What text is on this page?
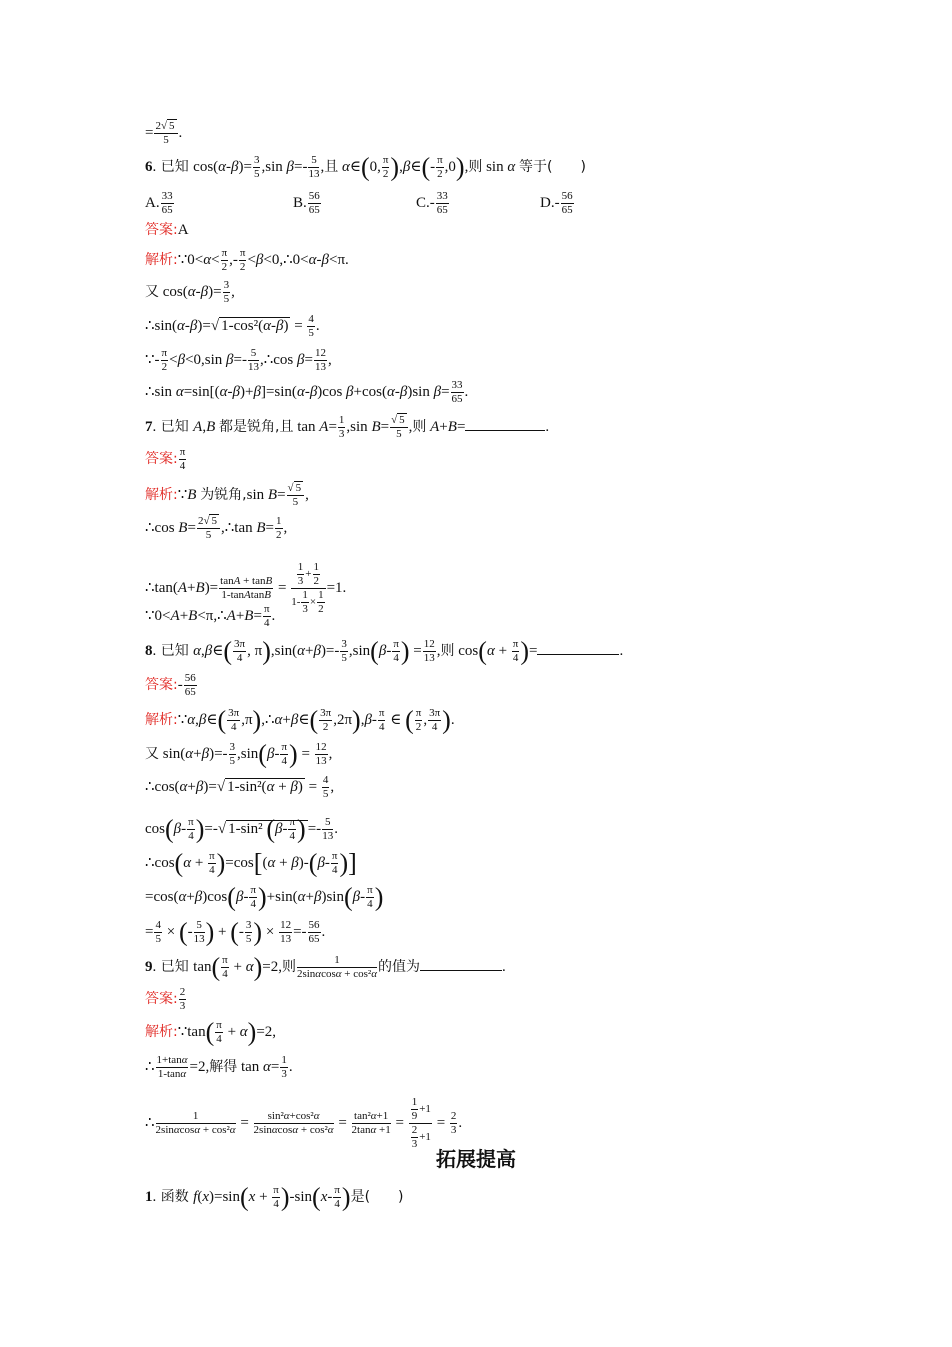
= $\frac{2√ 5}{5}$ .
6. 已知 $\cos(\alpha-\beta)= \frac{3}{5} ,\sin$ $\beta=- \frac{5}{13}$ ,且 α∈(0, $\frac{\pi}{2}$ ),β∈(- $\frac{\pi}{2} ,0$),则 sin α 等于(　　)
A. $\frac{33}{65}$	B. $\frac{56}{65}$	$C.- \frac{33}{65}$	$D.- \frac{56}{65}$
答案:A
解析:∵0<α< $\frac{\pi}{2}$ ,- $\frac{\pi}{2}$ <β<0,∴0<α-β<π.
又 $\cos(\alpha-\beta)= \frac{3}{5}$ ,
∴sin(α-β)=√ $1-\cos^2(\alpha-\beta) = \frac{4}{5}$ .
∵- $\frac{\pi}{2} <\beta<0,\sin$ $\beta=- \frac{5}{13}$ ,∴cos $\beta= \frac{12}{13}$ ,
∴sin α=sin[(α-β)+β]=sin(α-β)cos β+cos(α-β)sin $\beta= \frac{33}{65}$ .
7. 已知 A,B 都是锐角,且 $\tan A= \frac{1}{3} ,\sin$ $B= \frac{√ 5}{5}$ ,则 A+B=	.
答案: $\frac{\pi}{4}$
解析:∵B 为锐角,sin $B= \frac{√ 5}{5}$ ,
∴cos $B= \frac{2√ 5}{5}$ ,∴tan $B= \frac{1}{2}$ ,
∴tan(A+B)= $\frac{\tan A + \tan B}{\text{1-tanAtanB}} = \frac{\frac{1}{3} + \frac{1}{2}}{1- \frac{1}{3} \times \frac{1}{2}} =1$.
∵0<A+B<π,∴A+B= $\frac{\pi}{4}$ .
8. 已知 α,β∈( $\frac{3\pi}{4}$ , $\pi),\sin(\alpha+\beta)=- \frac{3}{5} ,\sin(\beta- \frac{\pi}{4}$ ) = $\frac{12}{13}$ ,则 $\cos(\alpha + \frac{\pi}{4}$ )=	.
答案:- $\frac{56}{65}$
解析:∵α,β∈( $\frac{3\pi}{4}$ ,π),∴α+β∈( $\frac{3\pi}{2} ,2\pi),\beta- \frac{\pi}{4}$ ∈ ( $\frac{\pi}{2}$ , $\frac{3\pi}{4}$ ).
又 $\sin(\alpha+\beta)=- \frac{3}{5} ,\sin(\beta- \frac{\pi}{4}$ ) = $\frac{12}{13}$ ,
∴cos(α+β)=√ $1-\sin^2(\alpha + \beta) = \frac{4}{5}$ ,
$\cos(\beta- \frac{\pi}{4}$ )=-√ 1-sin² ($\beta- \frac{\pi}{4}$ ) =- $\frac{5}{13}$ .
∴cos(α + $\frac{\pi}{4} )=\cos[(\alpha + \beta)-(\beta- \frac{\pi}{4}$ )]
$=\cos(\alpha+\beta)\cos(\beta- \frac{\pi}{4} )+\sin(\alpha+\beta)\sin(\beta- \frac{\pi}{4}$ )
= $\frac{4}{5}$ × (- $\frac{5}{13}$ ) + (- $\frac{3}{5}$ ) × $\frac{12}{13} =- \frac{56}{65}$ .
9. 已知 $\tan( \frac{\pi}{4} + \alpha)=2$,则 $\frac{1}{\text{2sinαcosα + cos²α}}$ 的值为	.
答案: $\frac{2}{3}$
解析:∵tan( $\frac{\pi}{4} + \alpha)=2$,
∴ $\frac{1+\tan\alpha}{1-\tan\alpha} =2$,解得 $\tan \alpha= \frac{1}{3}$ .
∴ $\frac{1}{\text{2sinαcosα + cos²α}} = \frac{\text{sin²α+cos²α}}{\text{2sinαcosα + cos²α}} = \frac{\text{tan²α+1}}{2\tan\alpha +1} = \frac{\frac{1}{9} +1}{\frac{2}{3} +1} = \frac{2}{3}$ .
拓展提高
1. 函数 $f(x)=\sin(x + \frac{\pi}{4} )-\sin(x- \frac{\pi}{4}$ )是(　　)
